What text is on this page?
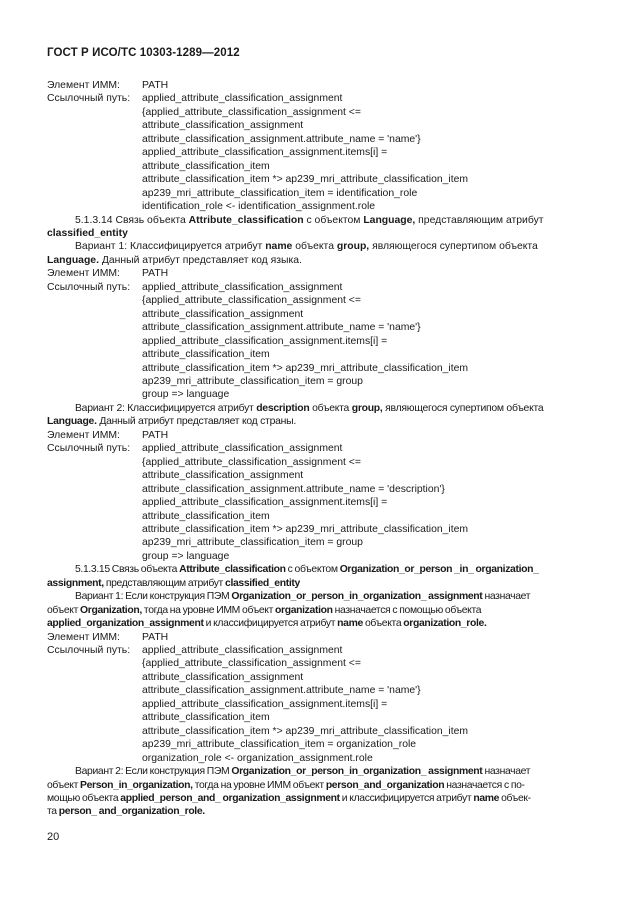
ГОСТ Р ИСО/ТС 10303-1289—2012
Элемент ИММ:	PATH
Ссылочный путь:	applied_attribute_classification_assignment

{applied_attribute_classification_assignment <=

attribute_classification_assignment

attribute_classification_assignment.attribute_name = 'name'}

applied_attribute_classification_assignment.items[i] =

attribute_classification_item

attribute_classification_item *> ap239_mri_attribute_classification_item

ap239_mri_attribute_classification_item = identification_role

identification_role <- identification_assignment.role

5.1.3.14 Связь объекта Attribute_classification с объектом Language, представляющим атрибут

classified_entity

Вариант 1: Классифицируется атрибут name объекта group, являющегося супертипом объекта

Language. Данный атрибут представляет код языка.

Элемент ИММ:	PATH
Ссылочный путь:	applied_attribute_classification_assignment

{applied_attribute_classification_assignment <=

attribute_classification_assignment

attribute_classification_assignment.attribute_name = 'name'}

applied_attribute_classification_assignment.items[i] =

attribute_classification_item

attribute_classification_item *> ap239_mri_attribute_classification_item

ap239_mri_attribute_classification_item = group

group => language

Вариант 2: Классифицируется атрибут description объекта group, являющегося супертипом объекта

Language. Данный атрибут представляет код страны.

Элемент ИММ:	PATH
Ссылочный путь:	applied_attribute_classification_assignment

{applied_attribute_classification_assignment <=

attribute_classification_assignment

attribute_classification_assignment.attribute_name = 'description'}

applied_attribute_classification_assignment.items[i] =

attribute_classification_item

attribute_classification_item *> ap239_mri_attribute_classification_item

ap239_mri_attribute_classification_item = group

group => language

5.1.3.15 Связь объекта Attribute_classification с объектом Organization_or_person _in_ organization_

assignment, представляющим атрибут classified_entity

Вариант 1: Если конструкция ПЭМ Organization_or_person_in_organization_ assignment назначает

объект Organization, тогда на уровне ИММ объект organization назначается с помощью объекта

applied_organization_assignment и классифицируется атрибут name объекта organization_role.

Элемент ИММ:	PATH
Ссылочный путь:	applied_attribute_classification_assignment

{applied_attribute_classification_assignment <=

attribute_classification_assignment

attribute_classification_assignment.attribute_name = 'name'}

applied_attribute_classification_assignment.items[i] =

attribute_classification_item

attribute_classification_item *> ap239_mri_attribute_classification_item

ap239_mri_attribute_classification_item = organization_role

organization_role <- organization_assignment.role

Вариант 2: Если конструкция ПЭМ Organization_or_person_in_organization_ assignment назначает

объект Person_in_organization, тогда на уровне ИММ объект person_and_organization назначается с по-

мощью объекта applied_person_and_ organization_assignment и классифицируется атрибут name объек-

та person_ and_organization_role.

20
